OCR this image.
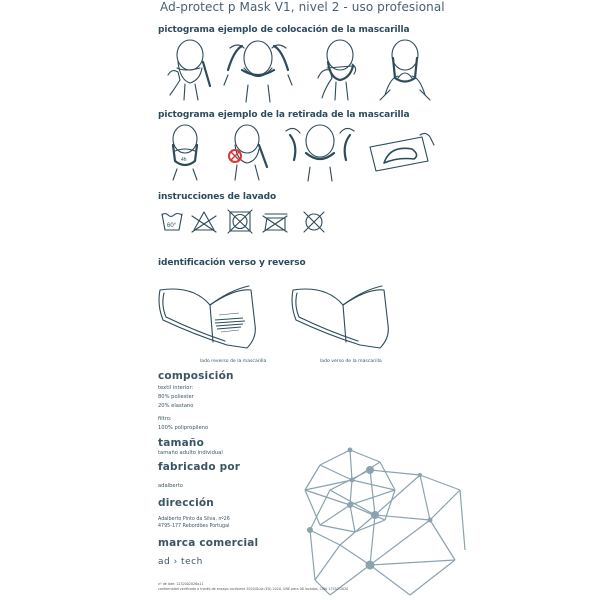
Ad-protect p Mask V1, nivel 2 - uso profesional
pictograma ejemplo de colocación de la mascarilla
pictograma ejemplo de la retirada de la mascarilla
4h
instrucciones de lavado
60°
identificación verso y reverso
lado reverso de la mascarilla	lado verso de la mascarilla
composición
textil interior:
80% poliester
20% elastano
filtro:
100% polipropileno
tamaño
tamaño adulto individual
fabricado por
adalberto
dirección
Adalberto Pinto da Silva, nº26
4795-177 Rebordões Portugal
marca comercial
ad › tech
nº de lote: 1232002026a11
conformidad verificada a través de ensayo conforme 2020/Guía (EU) 2020, UNE para 08 lavados, CWA 17553:2020
